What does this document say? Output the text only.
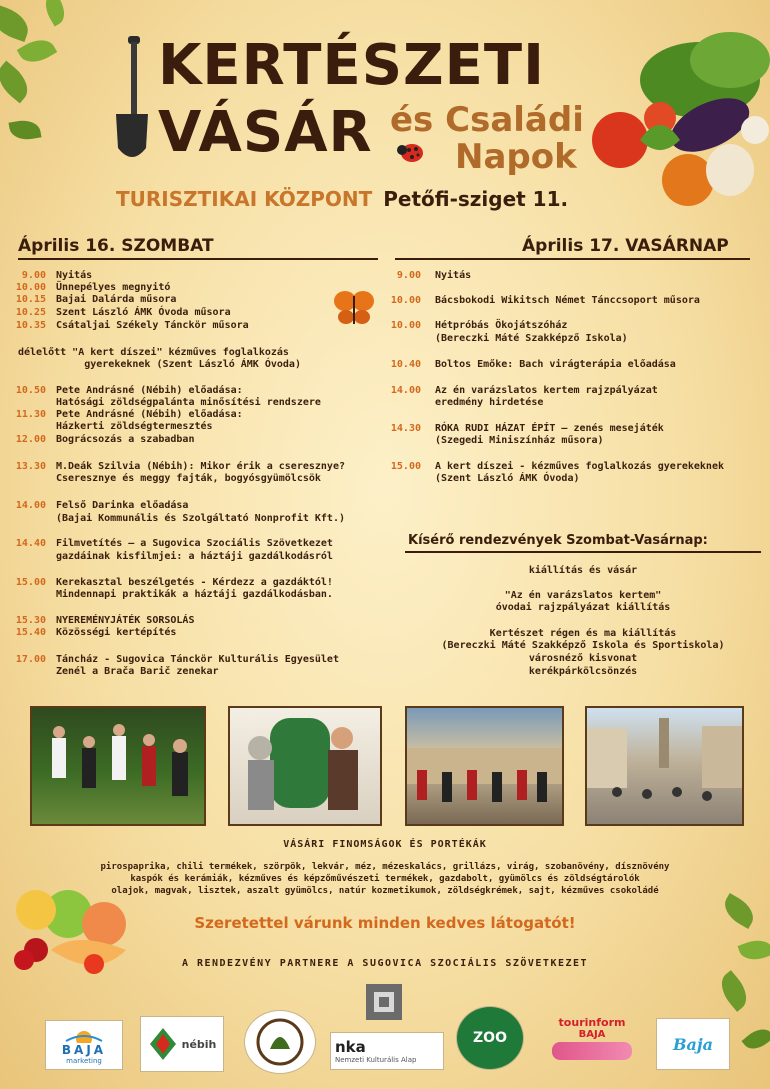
KERTÉSZETI
VÁSÁR és Családi
Napok
TURISZTIKAI KÖZPONT Petőfi-sziget 11.
Április 16. SZOMBAT	Április 17. VASÁRNAP
9.00 Nyitás
10.00 Ünnepélyes megnyitó
10.15 Bajai Dalárda műsora
10.25 Szent László ÁMK Óvoda műsora
10.35 Csátaljai Székely Tánckör műsora
délelőtt "A kert díszei" kézműves foglalkozás
gyerekeknek (Szent László ÁMK Óvoda)
10.50 Pete Andrásné (Nébih) előadása:
Hatósági zöldségpalánta minősítési rendszere
11.30 Pete Andrásné (Nébih) előadása:
Házkerti zöldségtermesztés
12.00 Bográcsozás a szabadban
13.30 M.Deák Szilvia (Nébih): Mikor érik a cseresznye?
Cseresznye és meggy fajták, bogyósgyümölcsök
14.00 Felső Darinka előadása
(Bajai Kommunális és Szolgáltató Nonprofit Kft.)
14.40 Filmvetítés – a Sugovica Szociális Szövetkezet
gazdáinak kisfilmjei: a háztáji gazdálkodásról
15.00 Kerekasztal beszélgetés - Kérdezz a gazdáktól!
Mindennapi praktikák a háztáji gazdálkodásban.
15.30 NYEREMÉNYJÁTÉK SORSOLÁS
15.40 Közösségi kertépítés
17.00 Táncház - Sugovica Tánckör Kulturális Egyesület
Zenél a Brača Barič zenekar
9.00 Nyitás
10.00 Bácsbokodi Wikitsch Német Tánccsoport műsora
10.00 Hétpróbás Ökojátszóház
(Bereczki Máté Szakképző Iskola)
10.40 Boltos Emőke: Bach virágterápia előadása
14.00 Az én varázslatos kertem rajzpályázat
eredmény hirdetése
14.30 RÓKA RUDI HÁZAT ÉPÍT – zenés mesejáték
(Szegedi Miniszínház műsora)
15.00 A kert díszei - kézműves foglalkozás gyerekeknek
(Szent László ÁMK Óvoda)
Kísérő rendezvények Szombat-Vasárnap:
kiállítás és vásár
"Az én varázslatos kertem"
óvodai rajzpályázat kiállítás
Kertészet régen és ma kiállítás
(Bereczki Máté Szakképző Iskola és Sportiskola)
városnéző kisvonat
kerékpárkölcsönzés
VÁSÁRI FINOMSÁGOK ÉS PORTÉKÁK
pirospaprika, chili termékek, szörpök, lekvár, méz, mézeskalács, grillázs, virág, szobanövény, dísznövény
kaspók és kerámiák, kézműves és képzőművészeti termékek, gazdabolt, gyümölcs és zöldségtárolók
olajok, magvak, lisztek, aszalt gyümölcs, natúr kozmetikumok, zöldségkrémek, sajt, kézműves csokoládé
Szeretettel várunk minden kedves látogatót!
A RENDEZVÉNY PARTNERE A SUGOVICA SZOCIÁLIS SZÖVETKEZET
BAJA
marketing
nébih	nka
Nemzeti Kulturális Alap
ZOO
tourinform
BAJA	Baja
